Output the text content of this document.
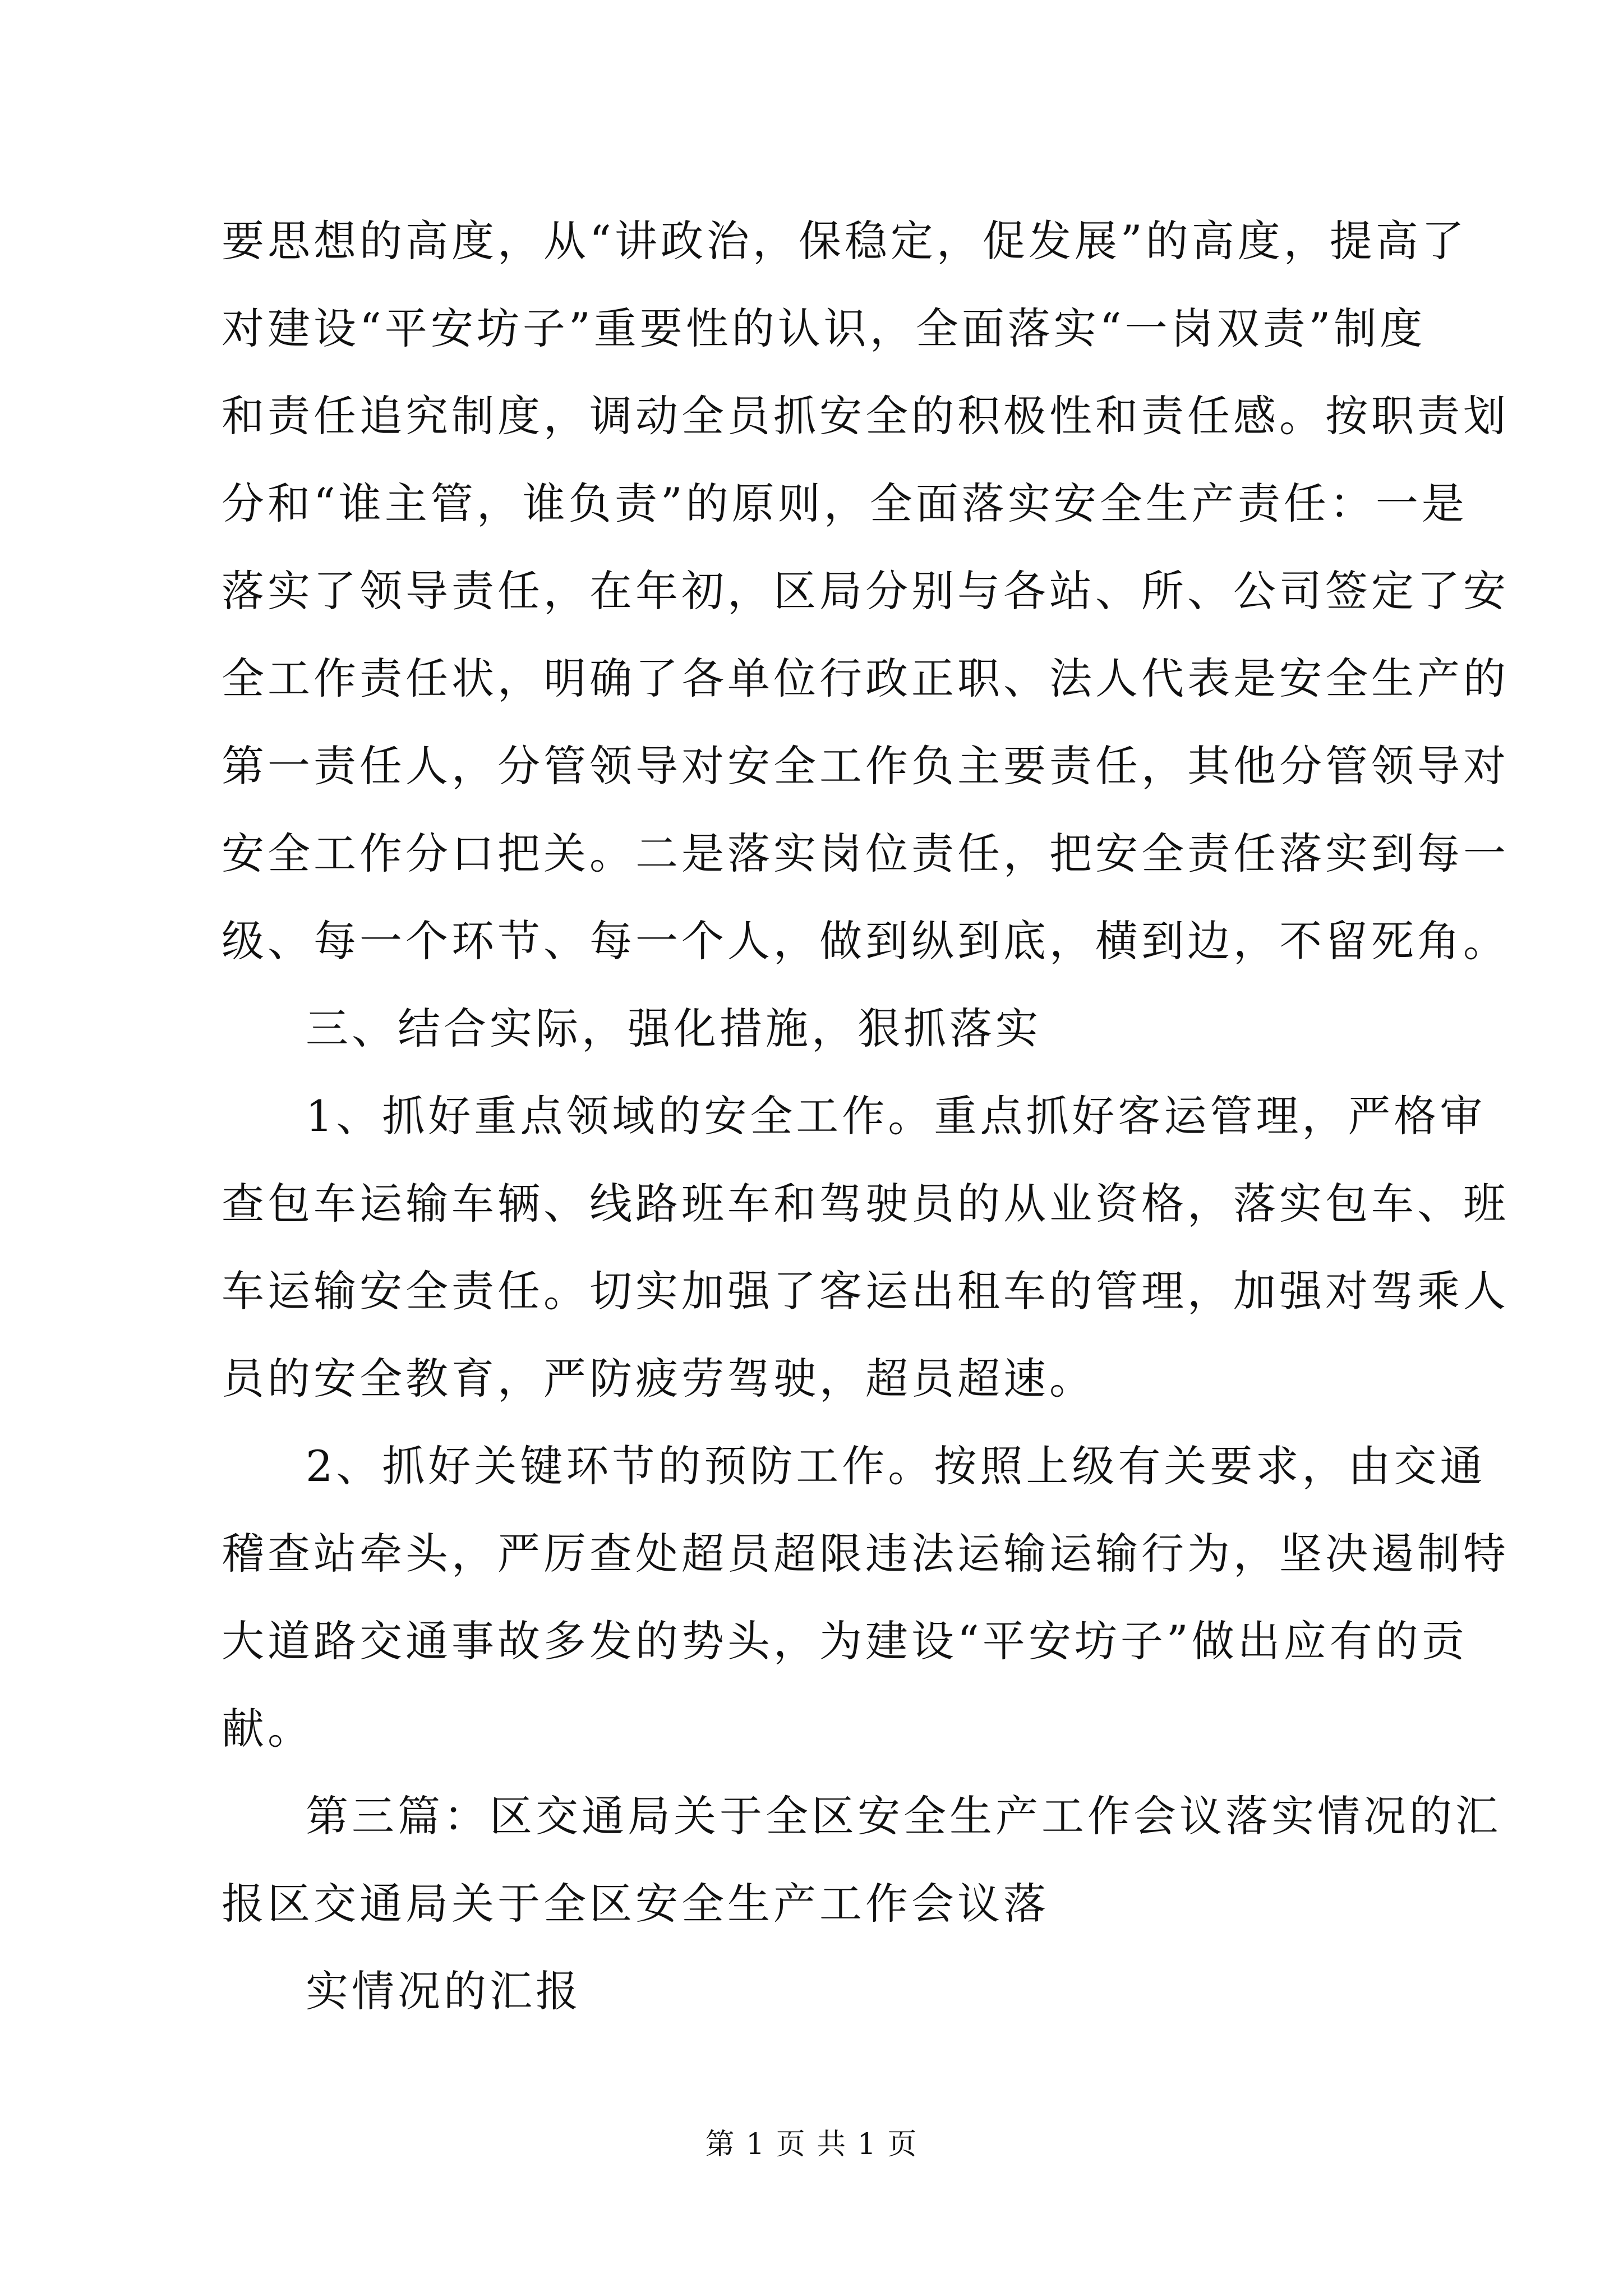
要思想的高度，从“讲政治，保稳定，促发展”的高度，提高了
对建设“平安坊子”重要性的认识，全面落实“一岗双责”制度
和责任追究制度，调动全员抓安全的积极性和责任感。按职责划
分和“谁主管，谁负责”的原则，全面落实安全生产责任：一是
落实了领导责任，在年初，区局分别与各站、所、公司签定了安
全工作责任状，明确了各单位行政正职、法人代表是安全生产的
第一责任人，分管领导对安全工作负主要责任，其他分管领导对
安全工作分口把关。二是落实岗位责任，把安全责任落实到每一
级、每一个环节、每一个人，做到纵到底，横到边，不留死角。
三、结合实际，强化措施，狠抓落实
1、抓好重点领域的安全工作。重点抓好客运管理，严格审
查包车运输车辆、线路班车和驾驶员的从业资格，落实包车、班
车运输安全责任。切实加强了客运出租车的管理，加强对驾乘人
员的安全教育，严防疲劳驾驶，超员超速。
2、抓好关键环节的预防工作。按照上级有关要求，由交通
稽查站牵头，严厉查处超员超限违法运输运输行为，坚决遏制特
大道路交通事故多发的势头，为建设“平安坊子”做出应有的贡
献。
第三篇：区交通局关于全区安全生产工作会议落实情况的汇
报区交通局关于全区安全生产工作会议落
实情况的汇报
第 1 页 共 1 页
